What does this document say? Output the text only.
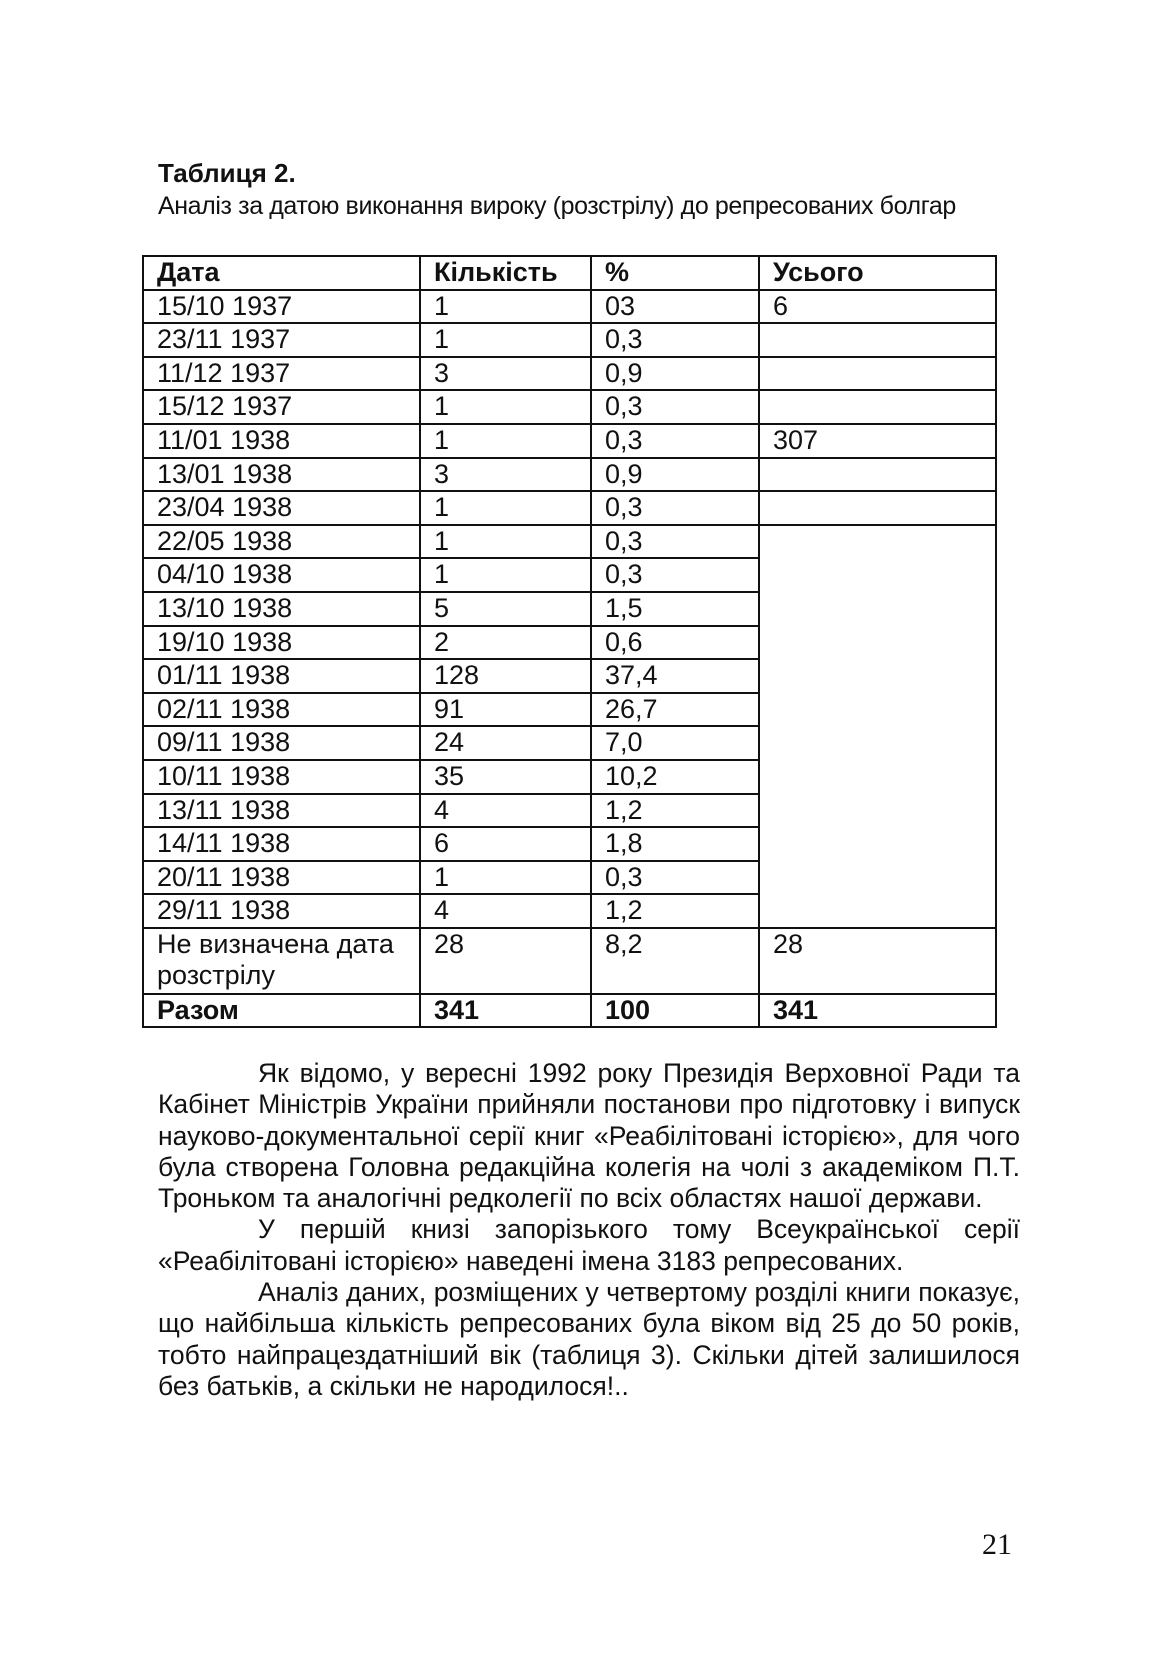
Таблиця 2.
Аналіз за датою виконання вироку (розстрілу) до репресованих болгар
Дата	Кількість	%	Усього
15/10 1937	1	03	6
23/11 1937	1	0,3	
11/12 1937	3	0,9	
15/12 1937	1	0,3	
11/01 1938	1	0,3	307
13/01 1938	3	0,9	
23/04 1938	1	0,3	
22/05 1938	1	0,3	
04/10 1938	1	0,3	
13/10 1938	5	1,5	
19/10 1938	2	0,6	
01/11 1938	128	37,4	
02/11 1938	91	26,7	
09/11 1938	24	7,0	
10/11 1938	35	10,2	
13/11 1938	4	1,2	
14/11 1938	6	1,8	
20/11 1938	1	0,3	
29/11 1938	4	1,2	
Не визначена дата розстрілу	28	8,2	28
Разом	341	100	341

Як відомо, у вересні 1992 року Президія Верховної Ради та Кабінет Міністрів України прийняли постанови про підготовку і випуск науково-документальної серії книг «Реабілітовані історією», для чого була створена Головна редакційна колегія на чолі з академіком П.Т. Троньком та аналогічні редколегії по всіх областях нашої держави.

У першій книзі запорізького тому Всеукраїнської серії «Реабілітовані історією» наведені імена 3183 репресованих.

Аналіз даних, розміщених у четвертому розділі книги показує, що найбільша кількість репресованих була віком від 25 до 50 років, тобто найпрацездатніший вік (таблиця 3). Скільки дітей залишилося без батьків, а скільки не народилося!..

21
